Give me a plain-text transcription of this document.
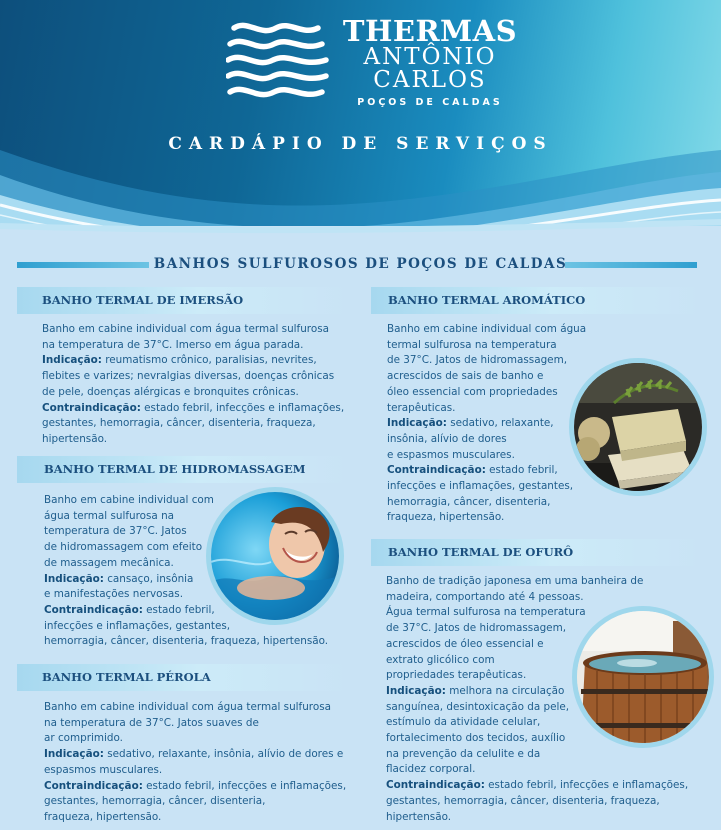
THERMAS
ANTÔNIO
CARLOS
POÇOS DE CALDAS
CARDÁPIO DE SERVIÇOS
BANHOS SULFUROSOS DE POÇOS DE CALDAS
BANHO TERMAL DE IMERSÃO

Banho em cabine individual com água termal sulfurosa

na temperatura de 37°C. Imerso em água parada.

Indicação: reumatismo crônico, paralisias, nevrites,

flebites e varizes; nevralgias diversas, doenças crônicas

de pele, doenças alérgicas e bronquites crônicas.

Contraindicação: estado febril, infecções e inflamações,

gestantes, hemorragia, câncer, disenteria, fraqueza,

hipertensão.

BANHO TERMAL DE HIDROMASSAGEM

Banho em cabine individual com

água termal sulfurosa na

temperatura de 37°C. Jatos

de hidromassagem com efeito

de massagem mecânica.

Indicação: cansaço, insônia

e manifestações nervosas.

Contraindicação: estado febril,

infecções e inflamações, gestantes,

hemorragia, câncer, disenteria, fraqueza, hipertensão.

BANHO TERMAL PÉROLA

Banho em cabine individual com água termal sulfurosa

na temperatura de 37°C. Jatos suaves de

ar comprimido.

Indicação: sedativo, relaxante, insônia, alívio de dores e

espasmos musculares.

Contraindicação: estado febril, infecções e inflamações,

gestantes, hemorragia, câncer, disenteria,

fraqueza, hipertensão.

BANHO TERMAL AROMÁTICO

Banho em cabine individual com água

termal sulfurosa na temperatura

de 37°C. Jatos de hidromassagem,

acrescidos de sais de banho e

óleo essencial com propriedades

terapêuticas.

Indicação: sedativo, relaxante,

insônia, alívio de dores

e espasmos musculares.

Contraindicação: estado febril,

infecções e inflamações, gestantes,

hemorragia, câncer, disenteria,

fraqueza, hipertensão.

BANHO TERMAL DE OFURÔ

Banho de tradição japonesa em uma banheira de

madeira, comportando até 4 pessoas.

Água termal sulfurosa na temperatura

de 37°C. Jatos de hidromassagem,

acrescidos de óleo essencial e

extrato glicólico com

propriedades terapêuticas.

Indicação: melhora na circulação

sanguínea, desintoxicação da pele,

estímulo da atividade celular,

fortalecimento dos tecidos, auxílio

na prevenção da celulite e da

flacidez corporal.

Contraindicação: estado febril, infecções e inflamações,

gestantes, hemorragia, câncer, disenteria, fraqueza,

hipertensão.
